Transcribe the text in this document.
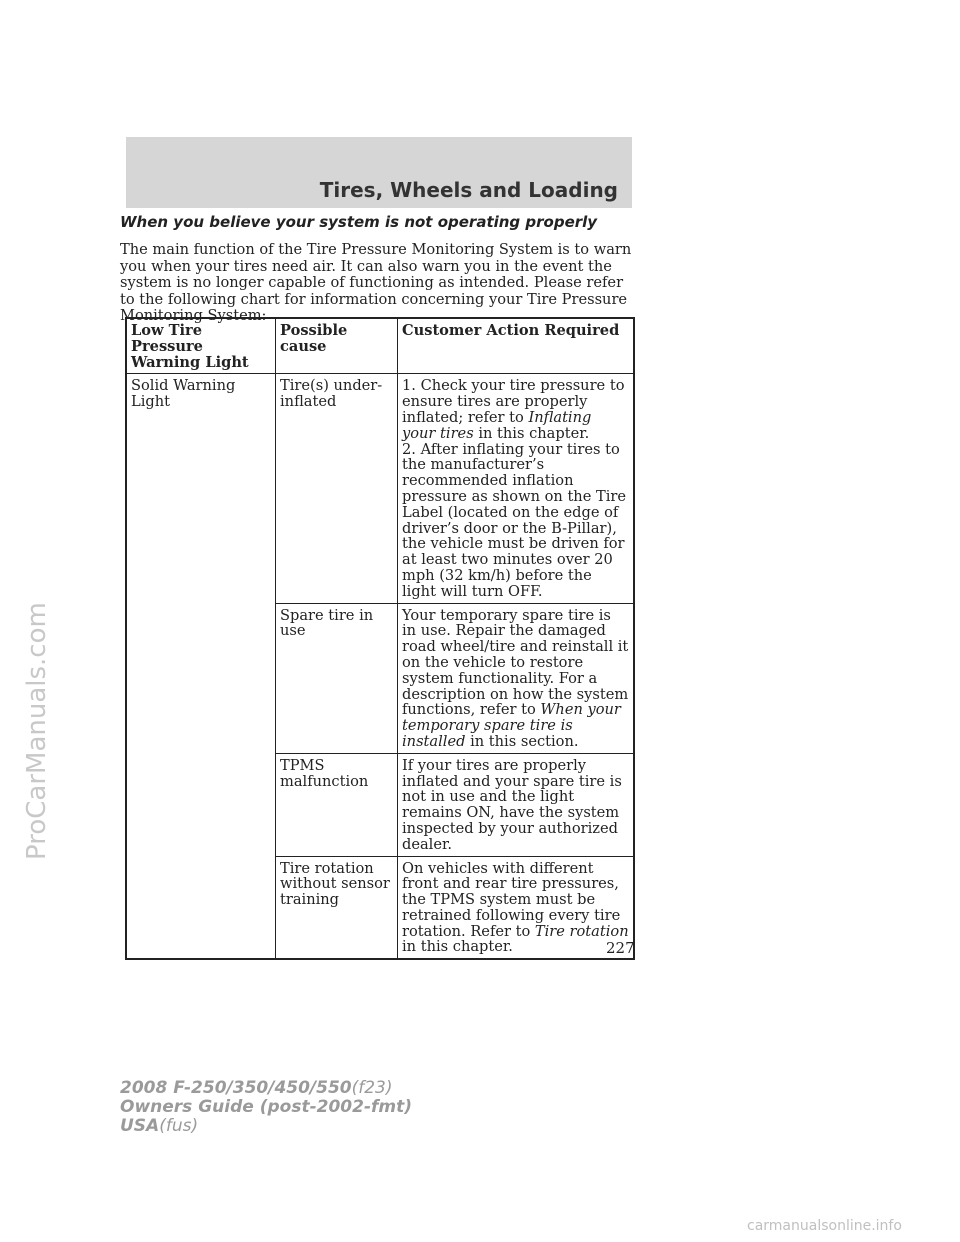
Tires, Wheels and Loading
When you believe your system is not operating properly
The main function of the Tire Pressure Monitoring System is to warn you when your tires need air. It can also warn you in the event the system is no longer capable of functioning as intended. Please refer to the following chart for information concerning your Tire Pressure Monitoring System:
Low Tire Pressure Warning Light
Possible cause
Customer Action Required
Solid Warning Light
Tire(s) under-inflated
1. Check your tire pressure to ensure tires are properly inflated; refer to Inflating your tires in this chapter.
2. After inflating your tires to the manufacturer’s recommended inflation pressure as shown on the Tire Label (located on the edge of driver’s door or the B-Pillar), the vehicle must be driven for at least two minutes over 20 mph (32 km/h) before the light will turn OFF.
Spare tire in use
Your temporary spare tire is in use. Repair the damaged road wheel/tire and reinstall it on the vehicle to restore system functionality. For a description on how the system functions, refer to When your temporary spare tire is installed in this section.
TPMS malfunction
If your tires are properly inflated and your spare tire is not in use and the light remains ON, have the system inspected by your authorized dealer.
Tire rotation without sensor training
On vehicles with different front and rear tire pressures, the TPMS system must be retrained following every tire rotation. Refer to Tire rotation in this chapter.	227
2008 F-250/350/450/550(f23)
Owners Guide (post-2002-fmt)
USA(fus)
ProCarManuals.com
carmanualsonline.info
